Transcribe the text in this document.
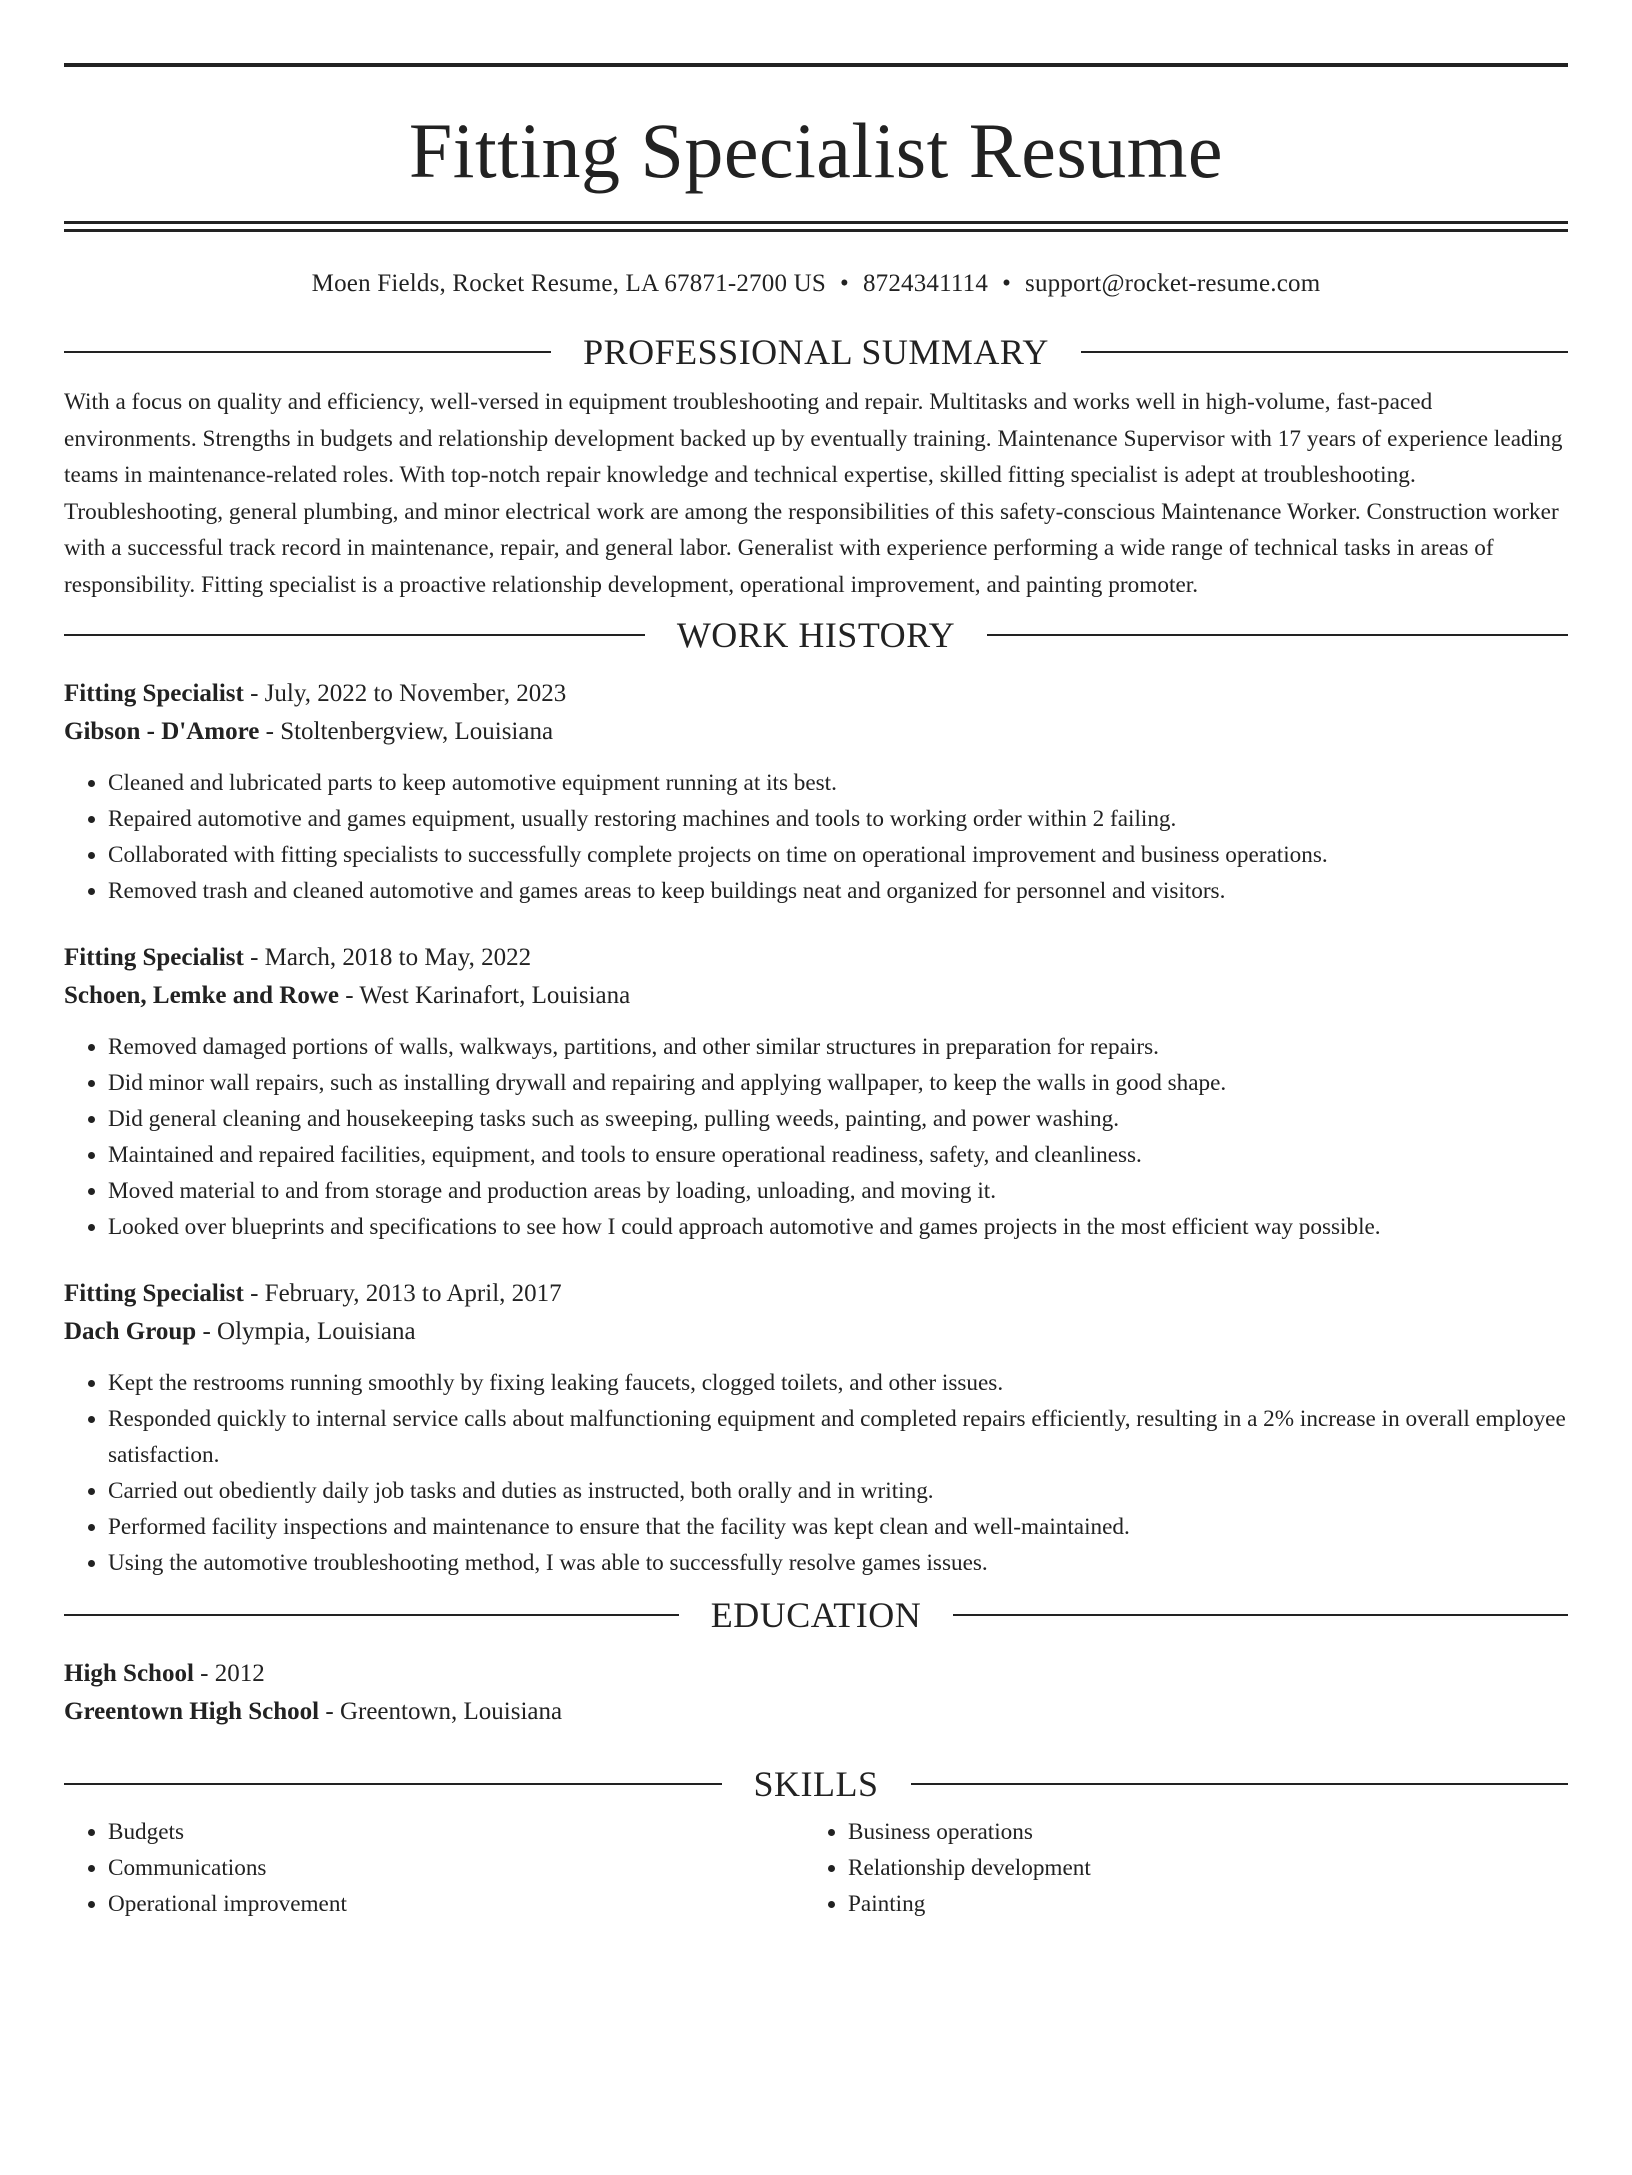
Fitting Specialist Resume
Moen Fields, Rocket Resume, LA 67871-2700 US • 8724341114 • support@rocket-resume.com
PROFESSIONAL SUMMARY
With a focus on quality and efficiency, well-versed in equipment troubleshooting and repair. Multitasks and works well in high-volume, fast-paced environments. Strengths in budgets and relationship development backed up by eventually training. Maintenance Supervisor with 17 years of experience leading teams in maintenance-related roles. With top-notch repair knowledge and technical expertise, skilled fitting specialist is adept at troubleshooting. Troubleshooting, general plumbing, and minor electrical work are among the responsibilities of this safety-conscious Maintenance Worker. Construction worker with a successful track record in maintenance, repair, and general labor. Generalist with experience performing a wide range of technical tasks in areas of responsibility. Fitting specialist is a proactive relationship development, operational improvement, and painting promoter.
WORK HISTORY
Fitting Specialist - July, 2022 to November, 2023
Gibson - D'Amore - Stoltenbergview, Louisiana
• Cleaned and lubricated parts to keep automotive equipment running at its best.
• Repaired automotive and games equipment, usually restoring machines and tools to working order within 2 failing.
• Collaborated with fitting specialists to successfully complete projects on time on operational improvement and business operations.
• Removed trash and cleaned automotive and games areas to keep buildings neat and organized for personnel and visitors.
Fitting Specialist - March, 2018 to May, 2022
Schoen, Lemke and Rowe - West Karinafort, Louisiana
• Removed damaged portions of walls, walkways, partitions, and other similar structures in preparation for repairs.
• Did minor wall repairs, such as installing drywall and repairing and applying wallpaper, to keep the walls in good shape.
• Did general cleaning and housekeeping tasks such as sweeping, pulling weeds, painting, and power washing.
• Maintained and repaired facilities, equipment, and tools to ensure operational readiness, safety, and cleanliness.
• Moved material to and from storage and production areas by loading, unloading, and moving it.
• Looked over blueprints and specifications to see how I could approach automotive and games projects in the most efficient way possible.
Fitting Specialist - February, 2013 to April, 2017
Dach Group - Olympia, Louisiana
• Kept the restrooms running smoothly by fixing leaking faucets, clogged toilets, and other issues.
• Responded quickly to internal service calls about malfunctioning equipment and completed repairs efficiently, resulting in a 2% increase in overall employee satisfaction.
• Carried out obediently daily job tasks and duties as instructed, both orally and in writing.
• Performed facility inspections and maintenance to ensure that the facility was kept clean and well-maintained.
• Using the automotive troubleshooting method, I was able to successfully resolve games issues.
EDUCATION
High School - 2012
Greentown High School - Greentown, Louisiana
SKILLS
• Budgets
• Communications
• Operational improvement
• Business operations
• Relationship development
• Painting
